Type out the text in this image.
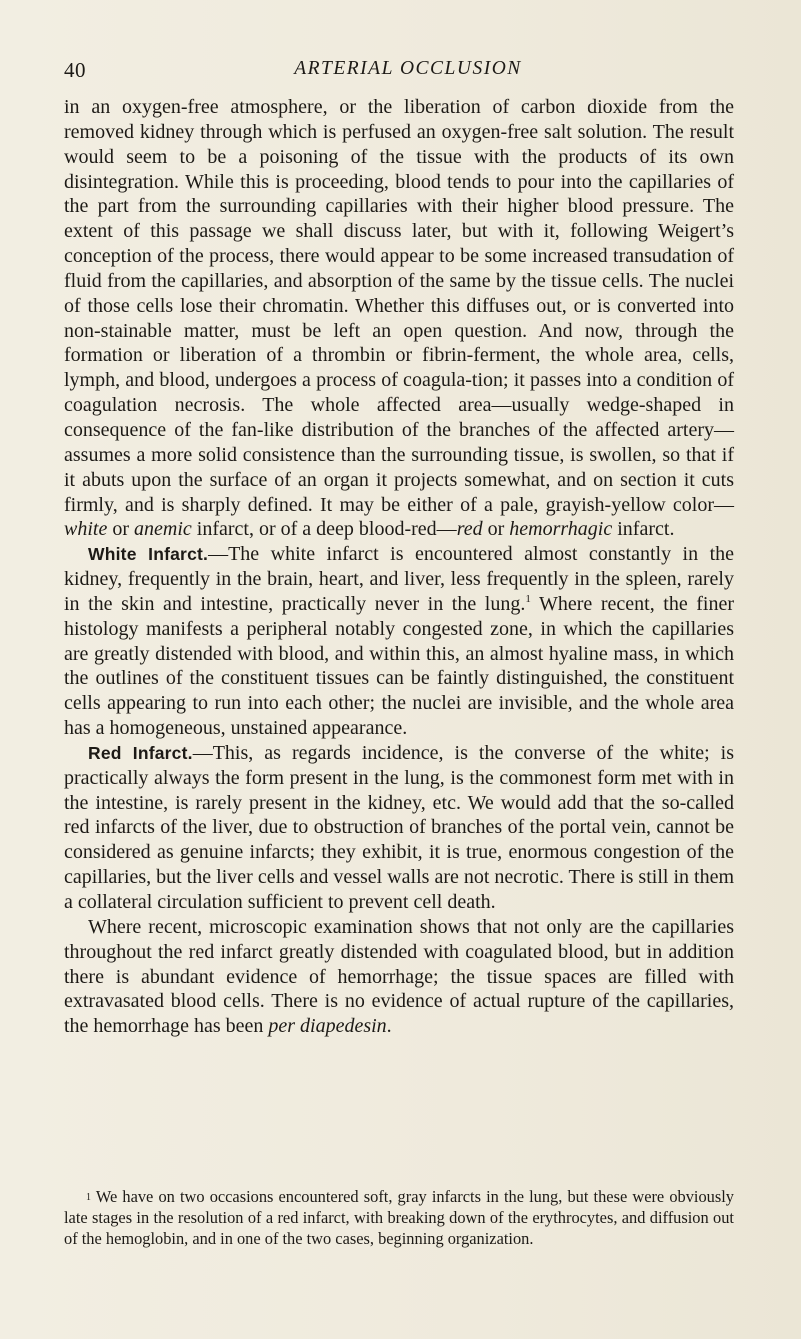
40	ARTERIAL OCCLUSION

in an oxygen-free atmosphere, or the liberation of carbon dioxide from the removed kidney through which is perfused an oxygen-free salt solution. The result would seem to be a poisoning of the tissue with the products of its own disintegration. While this is proceeding, blood tends to pour into the capillaries of the part from the surrounding capillaries with their higher blood pressure. The extent of this passage we shall discuss later, but with it, following Weigert’s conception of the process, there would appear to be some increased transudation of fluid from the capillaries, and absorption of the same by the tissue cells. The nuclei of those cells lose their chromatin. Whether this diffuses out, or is converted into non-stainable matter, must be left an open question. And now, through the formation or liberation of a thrombin or fibrin-ferment, the whole area, cells, lymph, and blood, undergoes a process of coagula-tion; it passes into a condition of coagulation necrosis. The whole affected area—usually wedge-shaped in consequence of the fan-like distribution of the branches of the affected artery—assumes a more solid consistence than the surrounding tissue, is swollen, so that if it abuts upon the surface of an organ it projects somewhat, and on section it cuts firmly, and is sharply defined. It may be either of a pale, grayish-yellow color—white or anemic infarct, or of a deep blood-red—red or hemorrhagic infarct.

White Infarct.—The white infarct is encountered almost constantly in the kidney, frequently in the brain, heart, and liver, less frequently in the spleen, rarely in the skin and intestine, practically never in the lung.$^1$ Where recent, the finer histology manifests a peripheral notably congested zone, in which the capillaries are greatly distended with blood, and within this, an almost hyaline mass, in which the outlines of the constituent tissues can be faintly distinguished, the constituent cells appearing to run into each other; the nuclei are invisible, and the whole area has a homogeneous, unstained appearance.

Red Infarct.—This, as regards incidence, is the converse of the white; is practically always the form present in the lung, is the commonest form met with in the intestine, is rarely present in the kidney, etc. We would add that the so-called red infarcts of the liver, due to obstruction of branches of the portal vein, cannot be considered as genuine infarcts; they exhibit, it is true, enormous congestion of the capillaries, but the liver cells and vessel walls are not necrotic. There is still in them a collateral circulation sufficient to prevent cell death.

Where recent, microscopic examination shows that not only are the capillaries throughout the red infarct greatly distended with coagulated blood, but in addition there is abundant evidence of hemorrhage; the tissue spaces are filled with extravasated blood cells. There is no evidence of actual rupture of the capillaries, the hemorrhage has been per diapedesin.

$^1$ We have on two occasions encountered soft, gray infarcts in the lung, but these were obviously late stages in the resolution of a red infarct, with breaking down of the erythrocytes, and diffusion out of the hemoglobin, and in one of the two cases, beginning organization.
